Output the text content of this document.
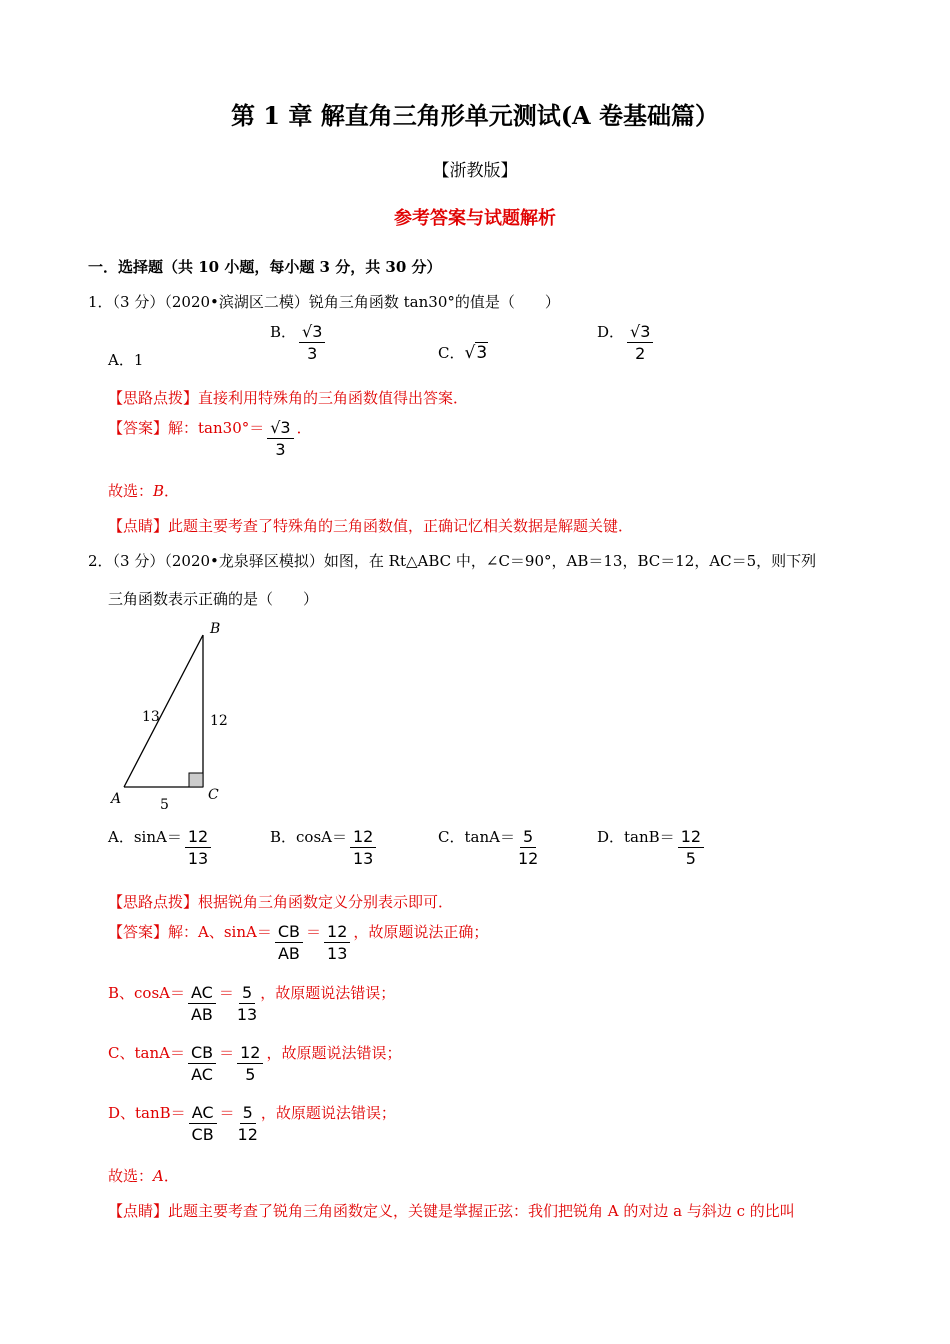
第 1 章 解直角三角形单元测试(A 卷基础篇）
【浙教版】
参考答案与试题解析
一．选择题（共 10 小题，每小题 3 分，共 30 分）
1．（3 分）（2020•滨湖区二模）锐角三角函数 tan30°的值是（　　）
A．1
B． $\frac{√3}{3}$	C．√3
D． $\frac{√3}{2}$
【思路点拨】直接利用特殊角的三角函数值得出答案．
【答案】解：$\tan 30^\circ= \frac{√3}{3}$ ．
故选：B．
【点睛】此题主要考查了特殊角的三角函数值，正确记忆相关数据是解题关键．
2．（3 分）（2020•龙泉驿区模拟）如图，在 Rt△ABC 中，∠C＝90°，AB＝13，BC＝12，AC＝5，则下列
三角函数表示正确的是（　　）
B
C
A
13	12
5
A．$\sin A= \frac{12}{13}$	B．$\cos A= \frac{12}{13}$	C．$\tan A= \frac{5}{12}$	D．$\tan B= \frac{12}{5}$
【思路点拨】根据锐角三角函数定义分别表示即可．
【答案】解：A、$\sin A= \frac{CB}{AB} = \frac{12}{13}$ ，故原题说法正确；
B、$\cos A= \frac{AC}{AB} = \frac{5}{13}$ ，故原题说法错误；
C、$\tan A= \frac{CB}{AC} = \frac{12}{5}$ ，故原题说法错误；
D、$\tan B= \frac{AC}{CB} = \frac{5}{12}$ ，故原题说法错误；
故选：A．
【点睛】此题主要考查了锐角三角函数定义，关键是掌握正弦：我们把锐角 A 的对边 a 与斜边 c 的比叫
